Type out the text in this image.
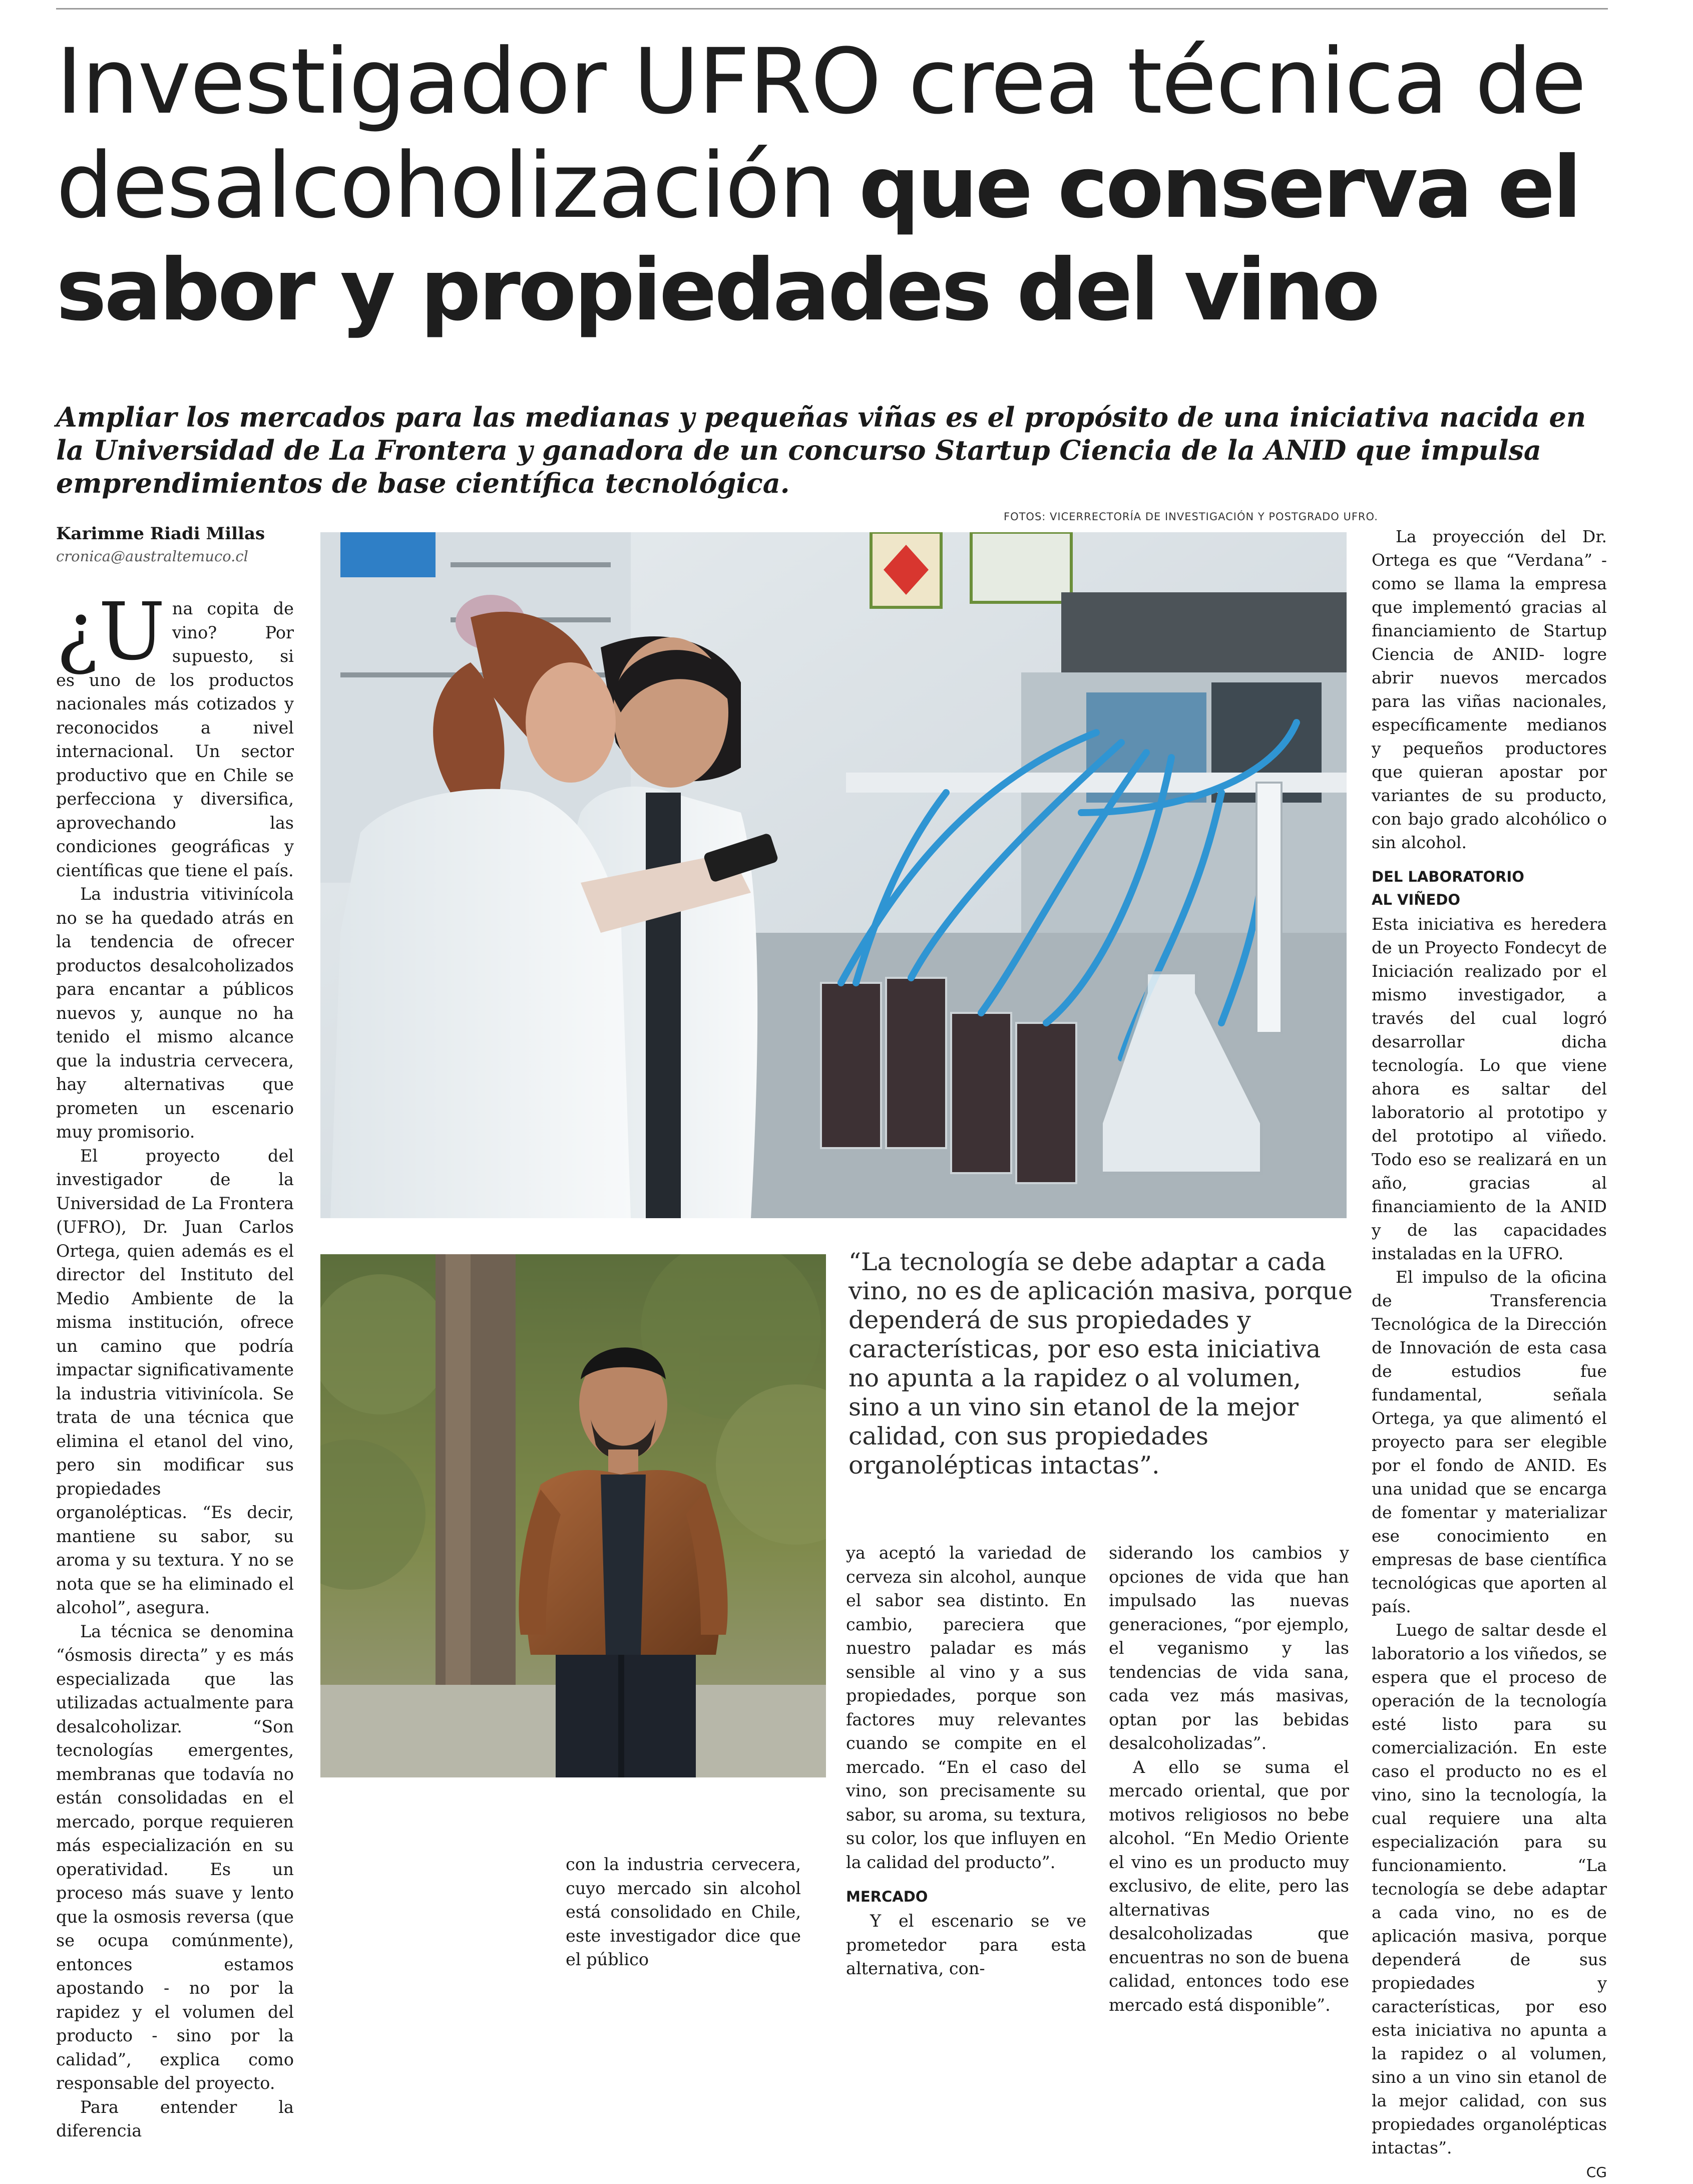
Investigador UFRO crea técnica de
desalcoholización que conserva el
sabor y propiedades del vino
Ampliar los mercados para las medianas y pequeñas viñas es el propósito de una iniciativa nacida en la Universidad de La Frontera y ganadora de un concurso Startup Ciencia de la ANID que impulsa emprendimientos de base científica tecnológica.
FOTOS: VICERRECTORÍA DE INVESTIGACIÓN Y POSTGRADO UFRO.
Karimme Riadi Millas
cronica@australtemuco.cl
“La tecnología se debe adaptar a cada vino, no es de aplicación masiva, porque dependerá de sus propiedades y características, por eso esta iniciativa no apunta a la rapidez o al volumen, sino a un vino sin etanol de la mejor calidad, con sus propiedades organolépticas intactas”.

¿U na copita de vino? Por supuesto, si es uno de los productos nacionales más cotizados y reconocidos a nivel internacional. Un sector productivo que en Chile se perfecciona y diversifica, aprovechando las condiciones geográficas y científicas que tiene el país.

La industria vitivinícola no se ha quedado atrás en la tendencia de ofrecer productos desalcoholizados para encantar a públicos nuevos y, aunque no ha tenido el mismo alcance que la industria cervecera, hay alternativas que prometen un escenario muy promisorio.

El proyecto del investigador de la Universidad de La Frontera (UFRO), Dr. Juan Carlos Ortega, quien además es el director del Instituto del Medio Ambiente de la misma institución, ofrece un camino que podría impactar significativamente la industria vitivinícola. Se trata de una técnica que elimina el etanol del vino, pero sin modificar sus propiedades organolépticas. “Es decir, mantiene su sabor, su aroma y su textura. Y no se nota que se ha eliminado el alcohol”, asegura.

La técnica se denomina “ósmosis directa” y es más especializada que las utilizadas actualmente para desalcoholizar. “Son tecnologías emergentes, membranas que todavía no están consolidadas en el mercado, porque requieren más especialización en su operatividad. Es un proceso más suave y lento que la osmosis reversa (que se ocupa comúnmente), entonces estamos apostando - no por la rapidez y el volumen del producto - sino por la calidad”, explica como responsable del proyecto.

Para entender la diferencia

con la industria cervecera, cuyo mercado sin alcohol está consolidado en Chile, este investigador dice que el público

ya aceptó la variedad de cerveza sin alcohol, aunque el sabor sea distinto. En cambio, pareciera que nuestro paladar es más sensible al vino y a sus propiedades, porque son factores muy relevantes cuando se compite en el mercado. “En el caso del vino, son precisamente su sabor, su aroma, su textura, su color, los que influyen en la calidad del producto”.

MERCADO

Y el escenario se ve prometedor para esta alternativa, con-

siderando los cambios y opciones de vida que han impulsado las nuevas generaciones, “por ejemplo, el veganismo y las tendencias de vida sana, cada vez más masivas, optan por las bebidas desalcoholizadas”.

A ello se suma el mercado oriental, que por motivos religiosos no bebe alcohol. “En Medio Oriente el vino es un producto muy exclusivo, de elite, pero las alternativas desalcoholizadas que encuentras no son de buena calidad, entonces todo ese mercado está disponible”.

La proyección del Dr. Ortega es que “Verdana” -como se llama la empresa que implementó gracias al financiamiento de Startup Ciencia de ANID- logre abrir nuevos mercados para las viñas nacionales, específicamente medianos y pequeños productores que quieran apostar por variantes de su producto, con bajo grado alcohólico o sin alcohol.

DEL LABORATORIO
AL VIÑEDO

Esta iniciativa es heredera de un Proyecto Fondecyt de Iniciación realizado por el mismo investigador, a través del cual logró desarrollar dicha tecnología. Lo que viene ahora es saltar del laboratorio al prototipo y del prototipo al viñedo. Todo eso se realizará en un año, gracias al financiamiento de la ANID y de las capacidades instaladas en la UFRO.

El impulso de la oficina de Transferencia Tecnológica de la Dirección de Innovación de esta casa de estudios fue fundamental, señala Ortega, ya que alimentó el proyecto para ser elegible por el fondo de ANID. Es una unidad que se encarga de fomentar y materializar ese conocimiento en empresas de base científica tecnológicas que aporten al país.

Luego de saltar desde el laboratorio a los viñedos, se espera que el proceso de operación de la tecnología esté listo para su comercialización. En este caso el producto no es el vino, sino la tecnología, la cual requiere una alta especialización para su funcionamiento. “La tecnología se debe adaptar a cada vino, no es de aplicación masiva, porque dependerá de sus propiedades y características, por eso esta iniciativa no apunta a la rapidez o al volumen, sino a un vino sin etanol de la mejor calidad, con sus propiedades organolépticas intactas”.

CG
